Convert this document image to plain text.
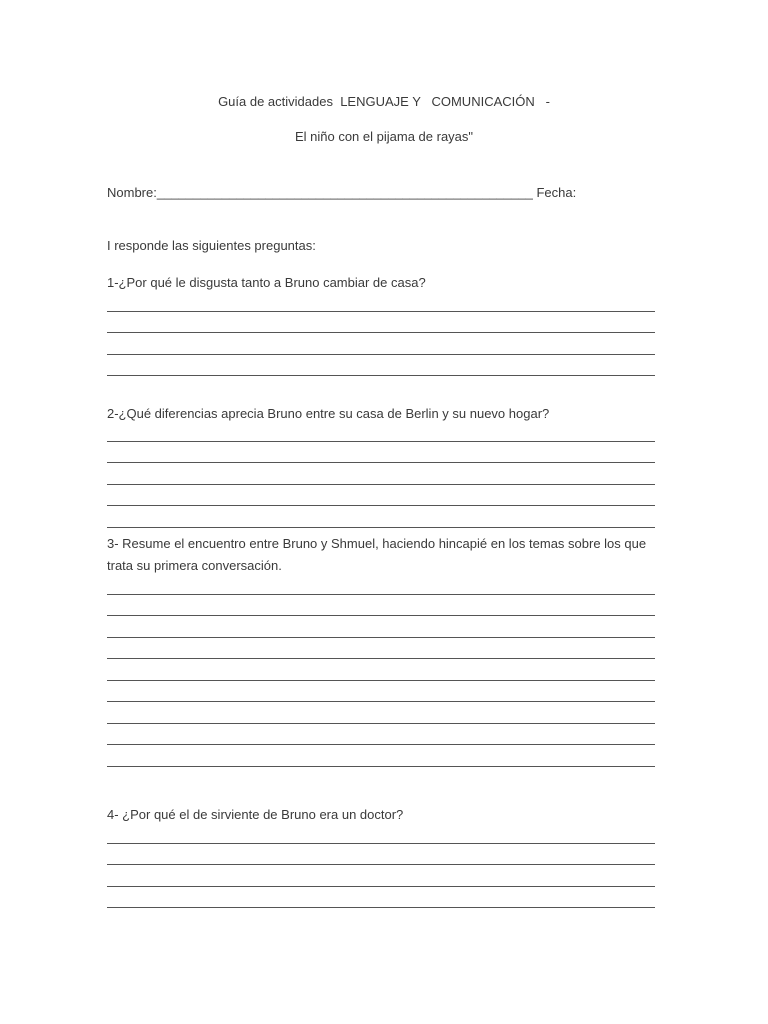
Guía de actividades  LENGUAJE Y   COMUNICACIÓN   -
El niño con el pijama de rayas"
Nombre:____________________________________________________ Fecha:
I responde las siguientes preguntas:
1-¿Por qué le disgusta tanto a Bruno cambiar de casa?
2-¿Qué diferencias aprecia Bruno entre su casa de Berlin y su nuevo hogar?
3- Resume el encuentro entre Bruno y Shmuel, haciendo hincapié en los temas sobre los que trata su primera conversación.
4- ¿Por qué el de sirviente de Bruno era un doctor?
